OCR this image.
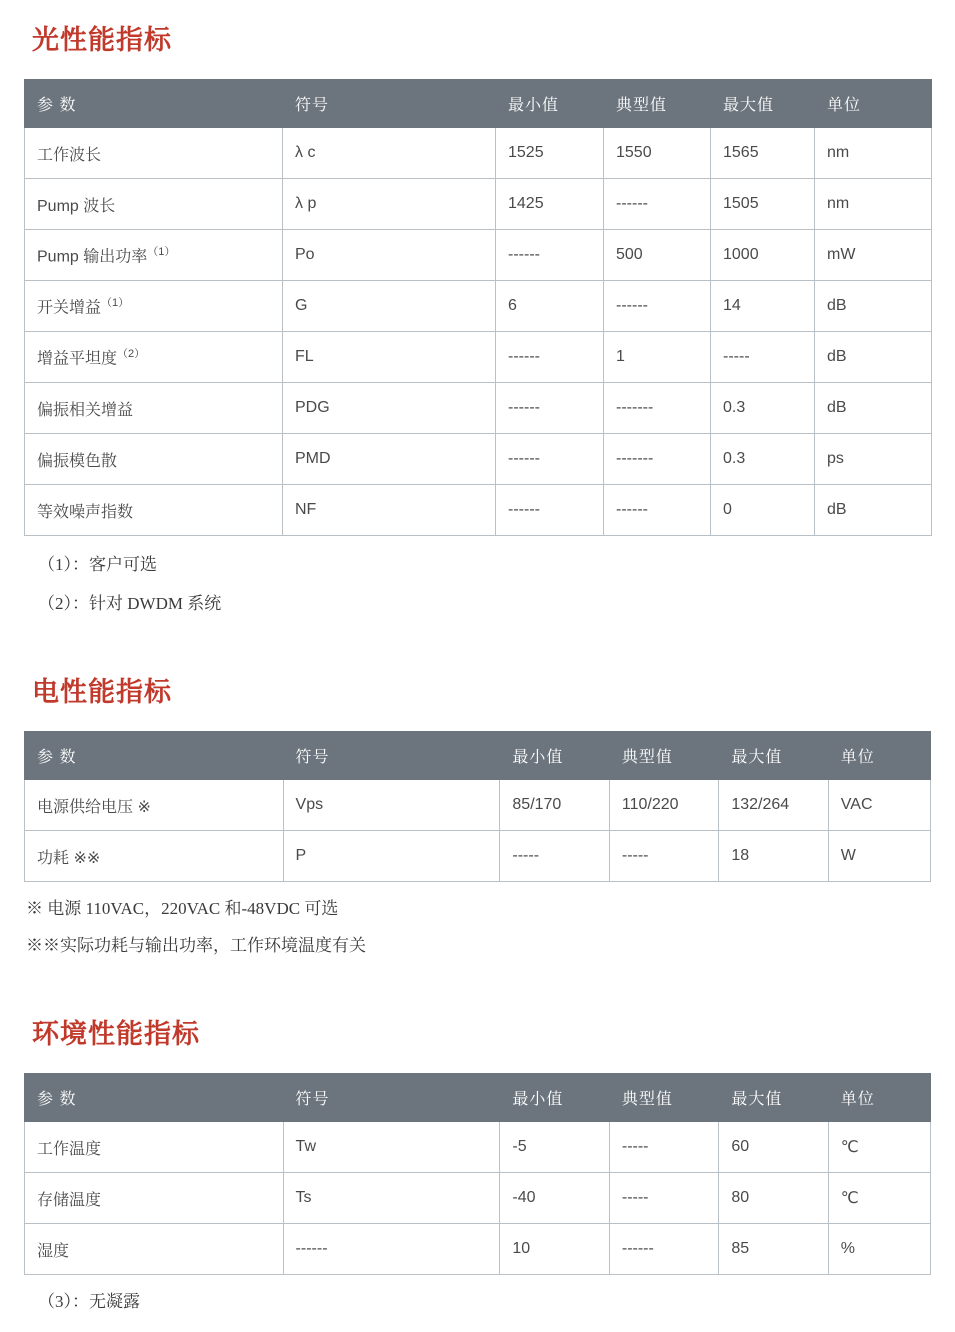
光性能指标
参 数	符号	最小值	典型值	最大值	单位
工作波长	λ c	1525	1550	1565	nm
Pump 波长	λ p	1425	------	1505	nm
Pump 输出功率$^{(1)}$	Po	------	500	1000	mW
开关增益$^{(1)}$	G	6	------	14	dB
增益平坦度$^{(2)}$	FL	------	1	-----	dB
偏振相关增益	PDG	------	-------	0.3	dB
偏振模色散	PMD	------	-------	0.3	ps
等效噪声指数	NF	------	------	0	dB
（1）：客户可选
（2）：针对 DWDM 系统
电性能指标
参 数	符号	最小值	典型值	最大值	单位
电源供给电压 ※	Vps	85/170	110/220	132/264	VAC
功耗 ※※	P	-----	-----	18	W
※ 电源 110VAC，220VAC 和-48VDC 可选
※※实际功耗与输出功率，工作环境温度有关
环境性能指标
参 数	符号	最小值	典型值	最大值	单位
工作温度	Tw	-5	-----	60	℃
存储温度	Ts	-40	-----	80	℃
湿度	------	10	------	85	%
（3）：无凝露
